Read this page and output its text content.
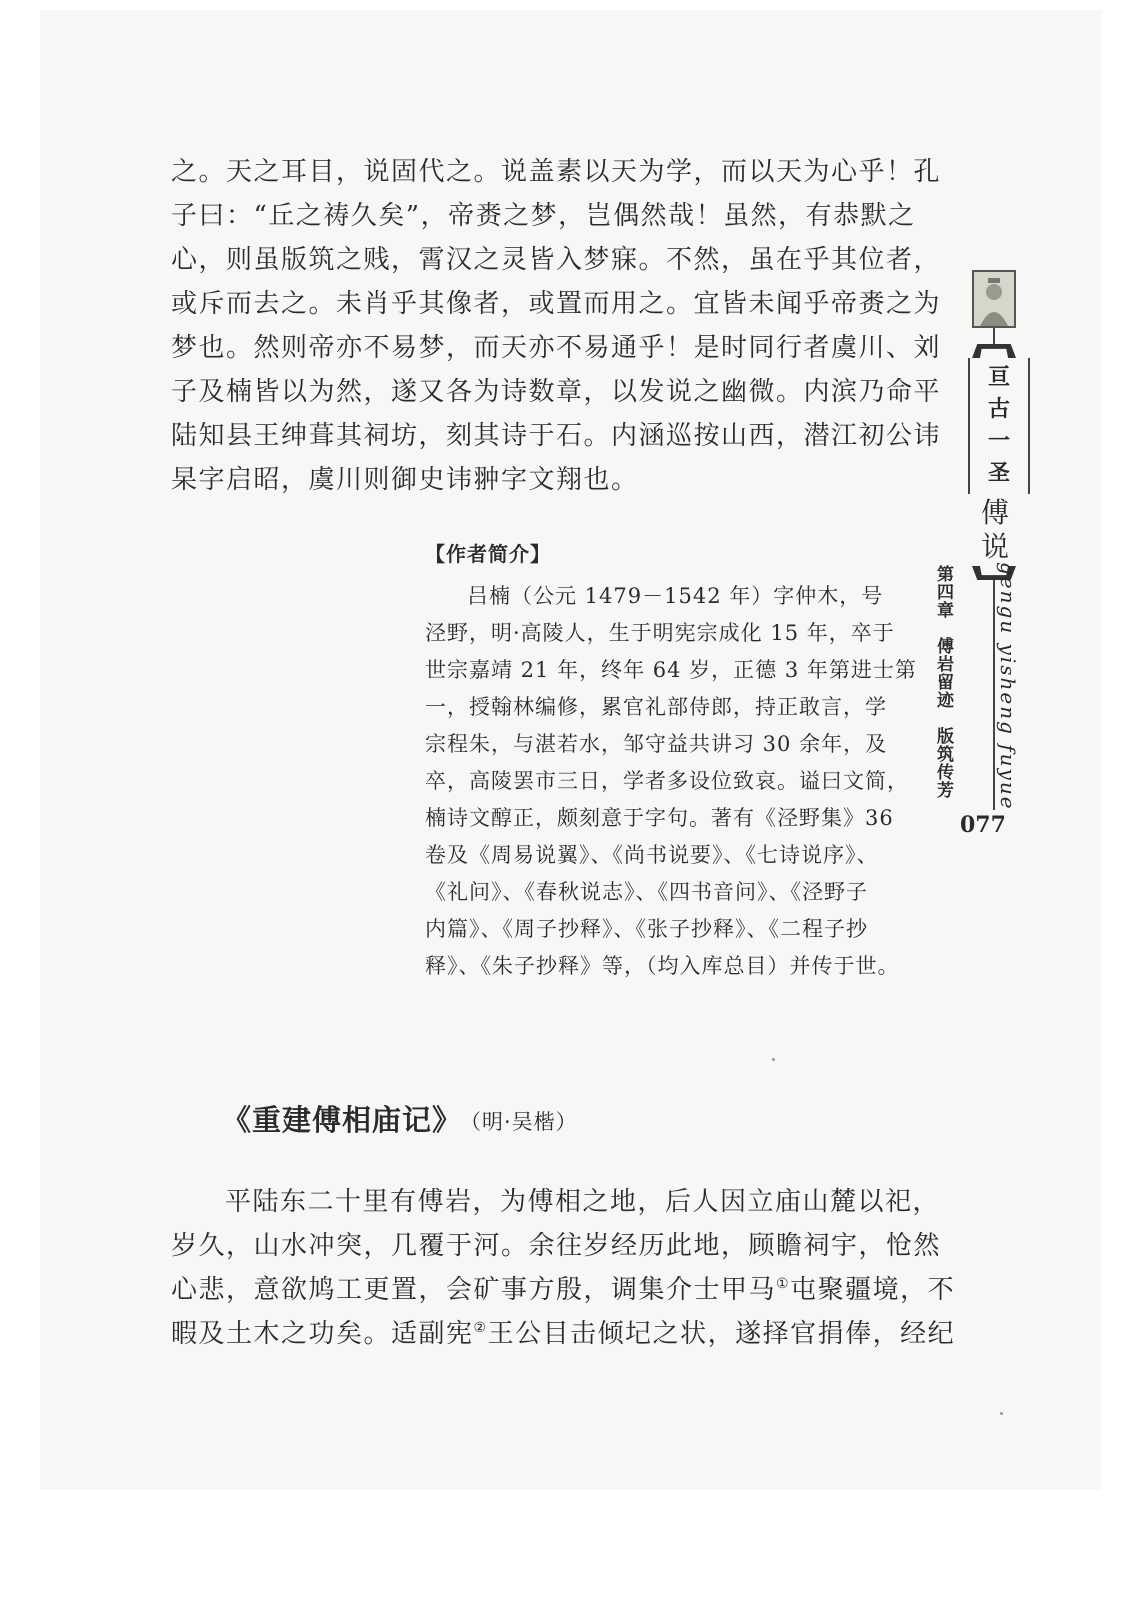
之。天之耳目，说固代之。说盖素以天为学，而以天为心乎！孔
子曰：“丘之祷久矣”，帝赉之梦，岂偶然哉！虽然，有恭默之
心，则虽版筑之贱，霄汉之灵皆入梦寐。不然，虽在乎其位者，
或斥而去之。未肖乎其像者，或置而用之。宜皆未闻乎帝赉之为
梦也。然则帝亦不易梦，而天亦不易通乎！是时同行者虞川、刘
子及楠皆以为然，遂又各为诗数章，以发说之幽微。内滨乃命平
陆知县王绅葺其祠坊，刻其诗于石。内涵巡按山西，潜江初公讳
杲字启昭，虞川则御史讳翀字文翔也。
【作者简介】
吕楠（公元 1479－1542 年）字仲木，号
泾野，明·高陵人，生于明宪宗成化 15 年，卒于
世宗嘉靖 21 年，终年 64 岁，正德 3 年第进士第
一，授翰林编修，累官礼部侍郎，持正敢言，学
宗程朱，与湛若水，邹守益共讲习 30 余年，及
卒，高陵罢市三日，学者多设位致哀。谥曰文简，
楠诗文醇正，颇刻意于字句。著有《泾野集》36
卷及《周易说翼》、《尚书说要》、《七诗说序》、
《礼问》、《春秋说志》、《四书音问》、《泾野子
内篇》、《周子抄释》、《张子抄释》、《二程子抄
释》、《朱子抄释》等，（均入库总目）并传于世。
《重建傅相庙记》
（明·吴楷）
平陆东二十里有傅岩，为傅相之地，后人因立庙山麓以祀，
岁久，山水冲突，几覆于河。余往岁经历此地，顾瞻祠宇，怆然
心悲，意欲鸠工更置，会矿事方殷，调集介士甲马①屯聚疆境，不
暇及土木之功矣。适副宪②王公目击倾圮之状，遂择官捐俸，经纪
亘
古
一
圣
傅
说
gengu yisheng fuyue
第四章　傅岩留迹　版筑传芳
077
